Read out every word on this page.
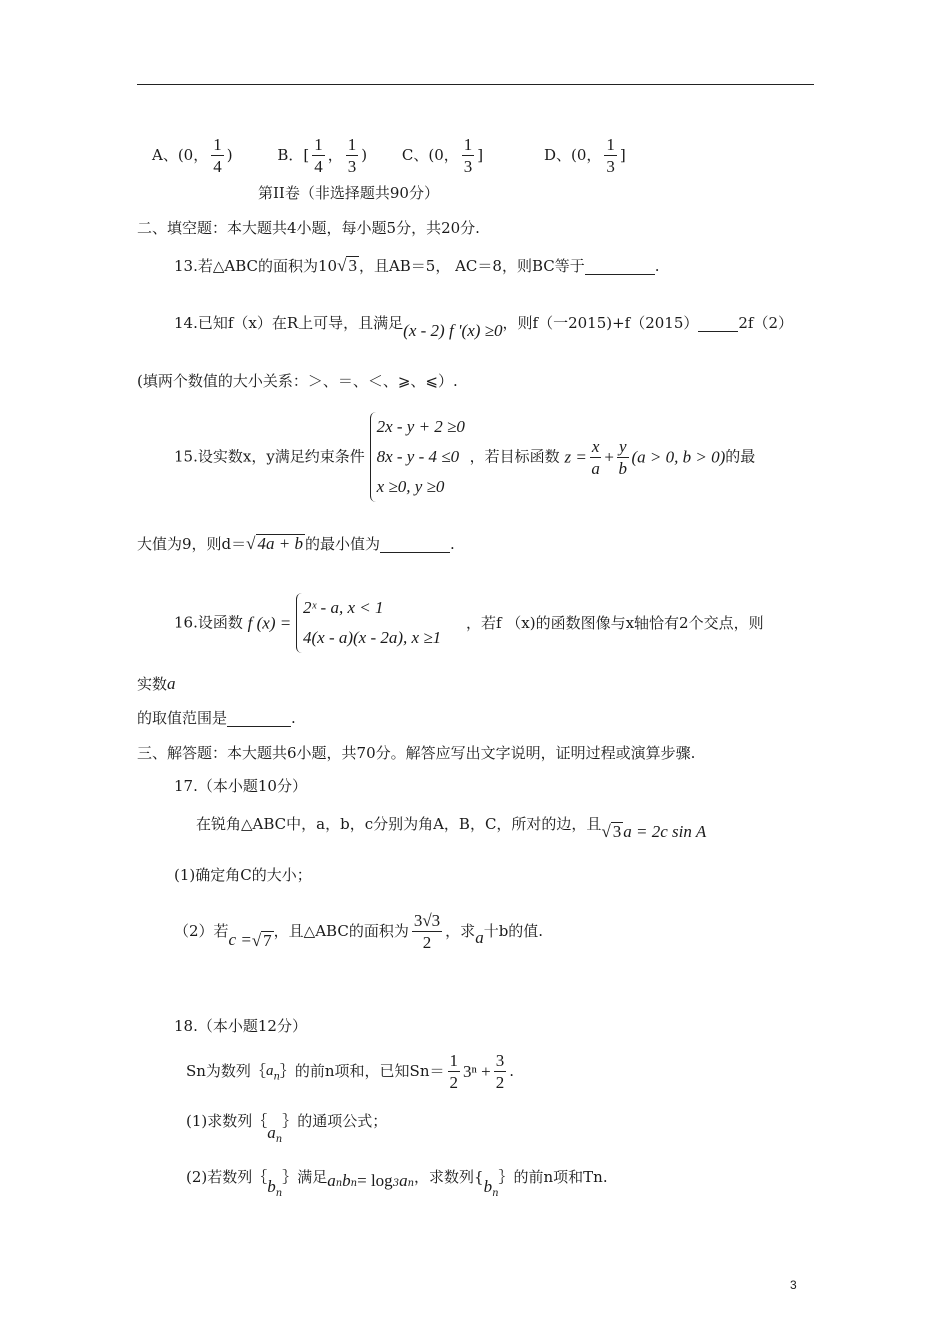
A、(0， $\frac{1}{4}$ )	B．[ $\frac{1}{4}$ ， $\frac{1}{3}$ ) C、(0， $\frac{1}{3}$ ]	D、(0， $\frac{1}{3}$ ]
第II卷（非选择题共90分）
二、填空题：本大题共4小题，每小题5分，共20分.
13.若△ABC的面积为10√ 3 ，且AB＝5， AC＝8，则BC等于	.
14.已知f（x）在R上可导，且满足(x - 2) f '(x) ≥0，则f（一2015)+f（2015）	2f（2）
(填两个数值的大小关系：＞、＝、＜、⩾、⩽）.
15.设实数x，y满足约束条件
2x - y + 2 ≥0
8x - y - 4 ≤0
x ≥0, y ≥0
，若目标函数 $z = \frac{x}{a} + \frac{y}{b} (a > 0$, b > 0)的最
大值为9，则d＝√ 4a + b 的最小值为	.
16.设函数 f (x) =
2ˣ - a, x < 1
4(x - a)(x - 2a), x ≥1
，若f （x)的函数图像与x轴恰有2个交点，则
实数a
的取值范围是	.
三、解答题：本大题共6小题，共70分。解答应写出文字说明，证明过程或演算步骤.
17.（本小题10分）
在锐角△ABC中，a，b，c分别为角A，B，C，所对的边，且√ 3 a = 2c sin A
(1)确定角C的大小；
（2）若c =√ 7 ，且△ABC的面积为 $\frac{3√3}{2}$ ，求a十b的值.
18.（本小题12分）
Sn为数列$\{a_n\}$的前n项和，已知$Sn= \frac{1}{2} 3^n + \frac{3}{2}$ .
(1)求数列$\{a_n\}$的通项公式；
(2)若数列$\{b_n\}$满足$a_nb_n= \log_3a_n$，求数列{$b_n\}$的前n项和Tn.
3
